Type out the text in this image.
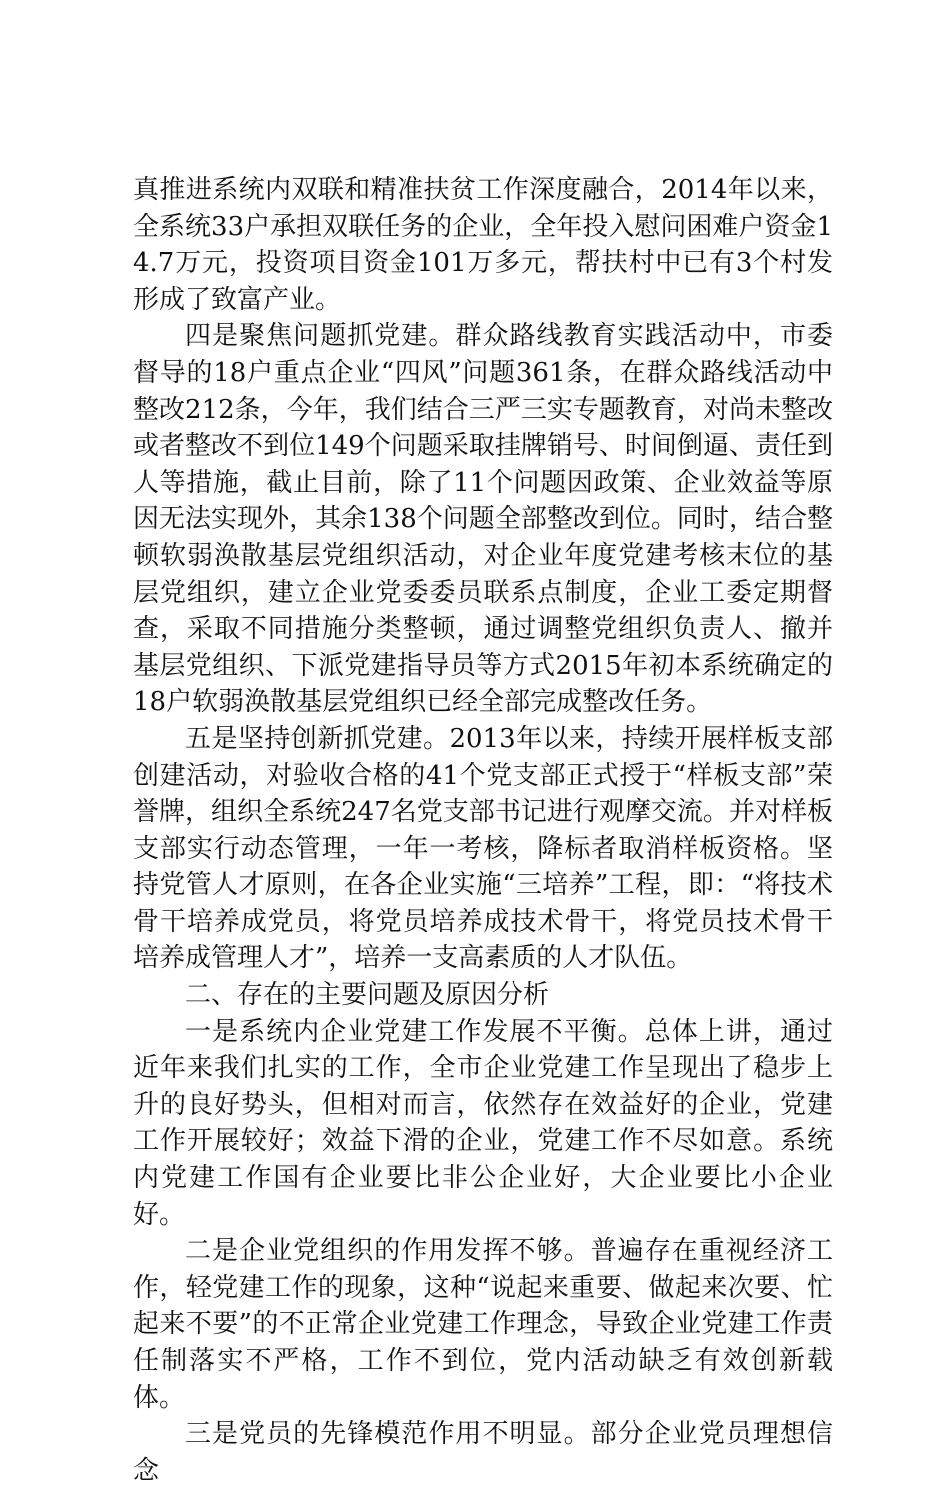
真推进系统内双联和精准扶贫工作深度融合，2014年以来，全系统33户承担双联任务的企业，全年投入慰问困难户资金14.7万元，投资项目资金101万多元，帮扶村中已有3个村发形成了致富产业。

四是聚焦问题抓党建。群众路线教育实践活动中，市委督导的18户重点企业“四风”问题361条，在群众路线活动中整改212条，今年，我们结合三严三实专题教育，对尚未整改或者整改不到位149个问题采取挂牌销号、时间倒逼、责任到人等措施，截止目前，除了11个问题因政策、企业效益等原因无法实现外，其余138个问题全部整改到位。同时，结合整顿软弱涣散基层党组织活动，对企业年度党建考核末位的基层党组织，建立企业党委委员联系点制度，企业工委定期督查，采取不同措施分类整顿，通过调整党组织负责人、撤并基层党组织、下派党建指导员等方式2015年初本系统确定的18户软弱涣散基层党组织已经全部完成整改任务。

五是坚持创新抓党建。2013年以来，持续开展样板支部创建活动，对验收合格的41个党支部正式授于“样板支部”荣誉牌，组织全系统247名党支部书记进行观摩交流。并对样板支部实行动态管理，一年一考核，降标者取消样板资格。坚持党管人才原则，在各企业实施“三培养”工程，即：“将技术骨干培养成党员，将党员培养成技术骨干，将党员技术骨干培养成管理人才”，培养一支高素质的人才队伍。

二、存在的主要问题及原因分析

一是系统内企业党建工作发展不平衡。总体上讲，通过近年来我们扎实的工作，全市企业党建工作呈现出了稳步上升的良好势头，但相对而言，依然存在效益好的企业，党建工作开展较好；效益下滑的企业，党建工作不尽如意。系统内党建工作国有企业要比非公企业好，大企业要比小企业好。

二是企业党组织的作用发挥不够。普遍存在重视经济工作，轻党建工作的现象，这种“说起来重要、做起来次要、忙起来不要”的不正常企业党建工作理念，导致企业党建工作责任制落实不严格，工作不到位，党内活动缺乏有效创新载体。

三是党员的先锋模范作用不明显。部分企业党员理想信念
